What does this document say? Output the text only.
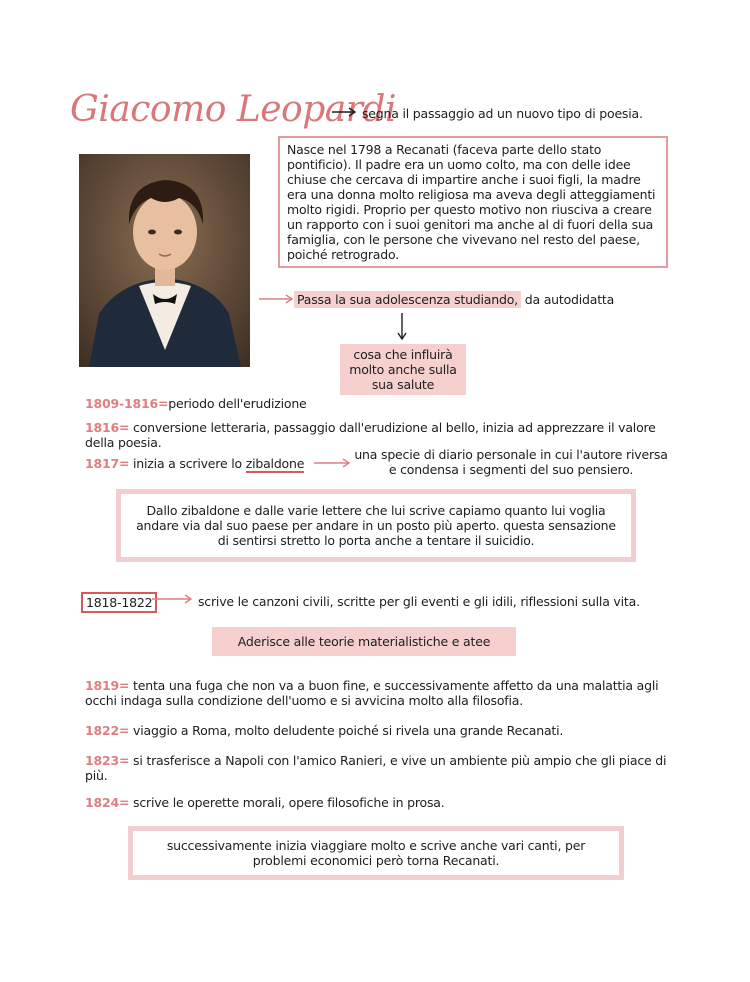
Giacomo Leopardi
segna il passaggio ad un nuovo tipo di poesia.
Nasce nel 1798 a Recanati (faceva parte dello stato pontificio). Il padre era un uomo colto, ma con delle idee chiuse che cercava di impartire anche i suoi figli, la madre era una donna molto religiosa ma aveva degli atteggiamenti molto rigidi. Proprio per questo motivo non riusciva a creare un rapporto con i suoi genitori ma anche al di fuori della sua famiglia, con le persone che vivevano nel resto del paese, poiché retrogrado.
Passa la sua adolescenza studiando, da autodidatta
cosa che influirà molto anche sulla sua salute
1809-1816=periodo dell'erudizione
1816= conversione letteraria, passaggio dall'erudizione al bello, inizia ad apprezzare il valore della poesia.
1817= inizia a scrivere lo zibaldone
una specie di diario personale in cui l'autore riversa e condensa i segmenti del suo pensiero.
Dallo zibaldone e dalle varie lettere che lui scrive capiamo quanto lui voglia andare via dal suo paese per andare in un posto più aperto. questa sensazione di sentirsi stretto lo porta anche a tentare il suicidio.
1818-1822	scrive le canzoni civili, scritte per gli eventi e gli idili, riflessioni sulla vita.
Aderisce alle teorie materialistiche e atee
1819= tenta una fuga che non va a buon fine, e successivamente affetto da una malattia agli occhi indaga sulla condizione dell'uomo e si avvicina molto alla filosofia.
1822= viaggio a Roma, molto deludente poiché si rivela una grande Recanati.
1823= si trasferisce a Napoli con l'amico Ranieri, e vive un ambiente più ampio che gli piace di più.
1824= scrive le operette morali, opere filosofiche in prosa.
successivamente inizia viaggiare molto e scrive anche vari canti, per problemi economici però torna Recanati.
